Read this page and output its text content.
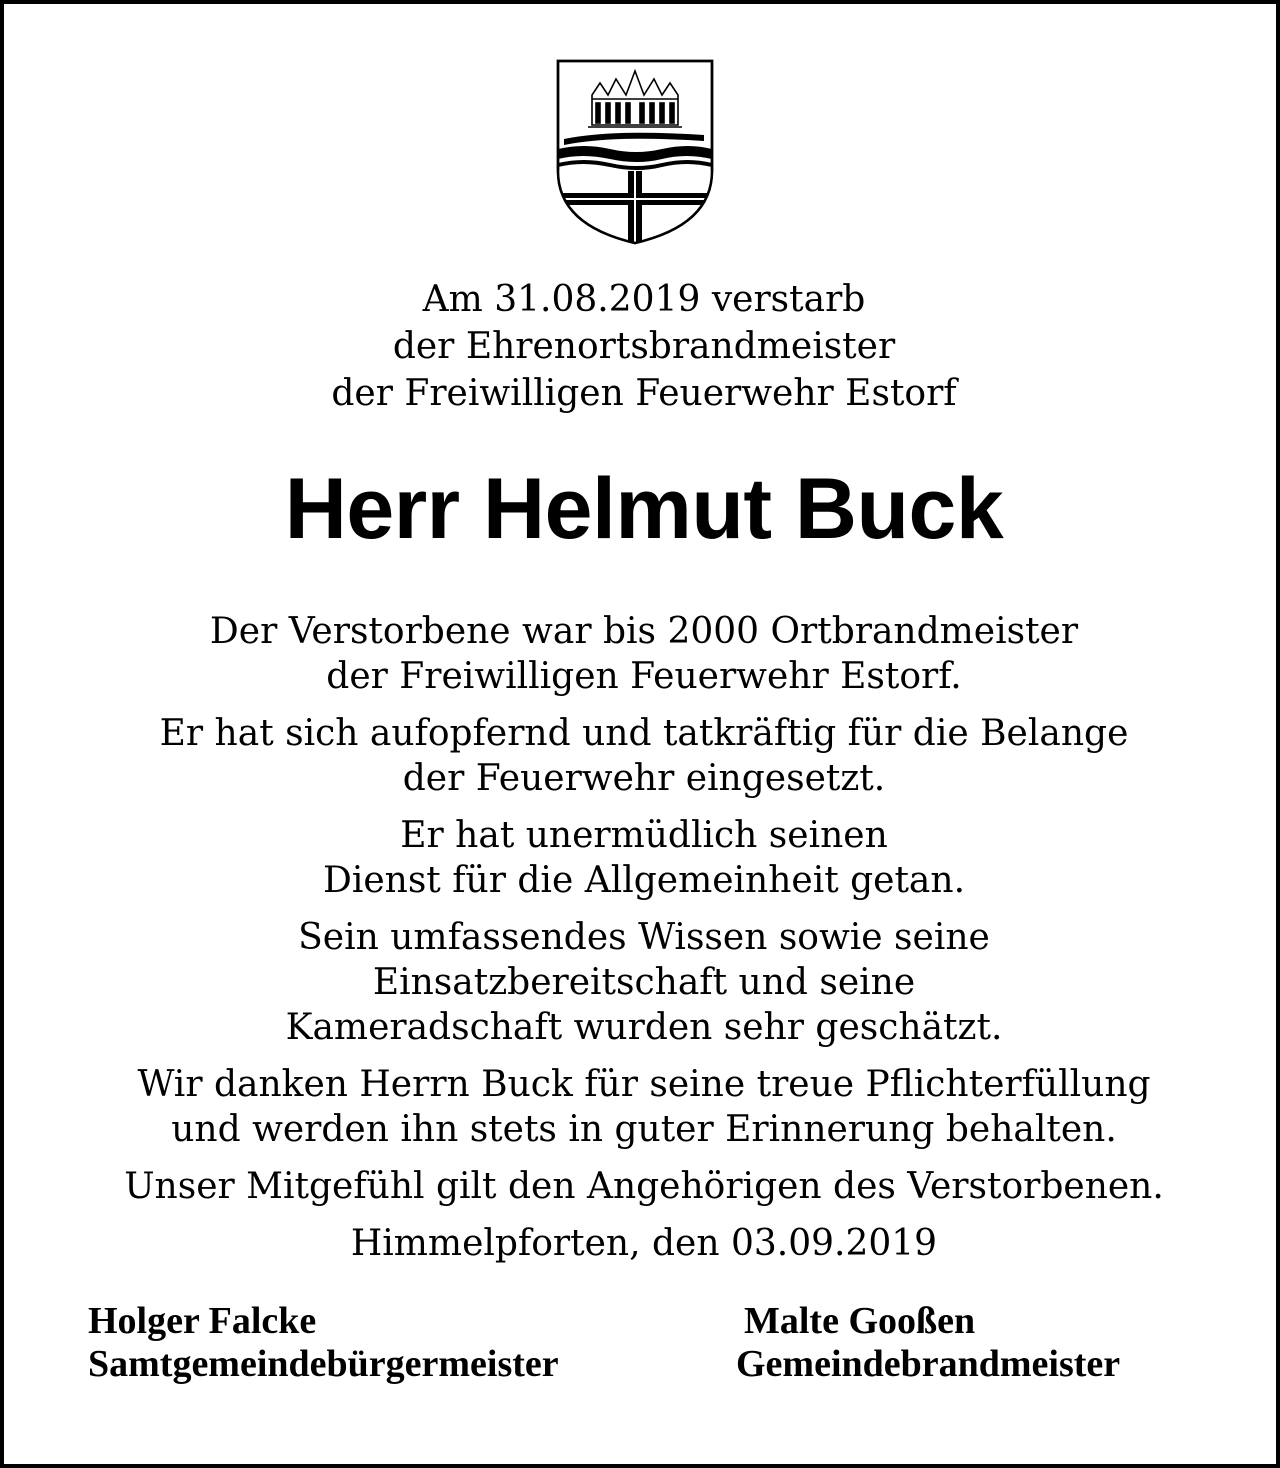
Am 31.08.2019 verstarb
der Ehrenortsbrandmeister
der Freiwilligen Feuerwehr Estorf
Herr Helmut Buck

Der Verstorbene war bis 2000 Ortbrandmeister
der Freiwilligen Feuerwehr Estorf.

Er hat sich aufopfernd und tatkräftig für die Belange
der Feuerwehr eingesetzt.

Er hat unermüdlich seinen
Dienst für die Allgemeinheit getan.

Sein umfassendes Wissen sowie seine
Einsatzbereitschaft und seine
Kameradschaft wurden sehr geschätzt.

Wir danken Herrn Buck für seine treue Pflichterfüllung
und werden ihn stets in guter Erinnerung behalten.

Unser Mitgefühl gilt den Angehörigen des Verstorbenen.

Himmelpforten, den 03.09.2019
Holger Falcke
Samtgemeindebürgermeister
Malte Gooßen
Gemeindebrandmeister
